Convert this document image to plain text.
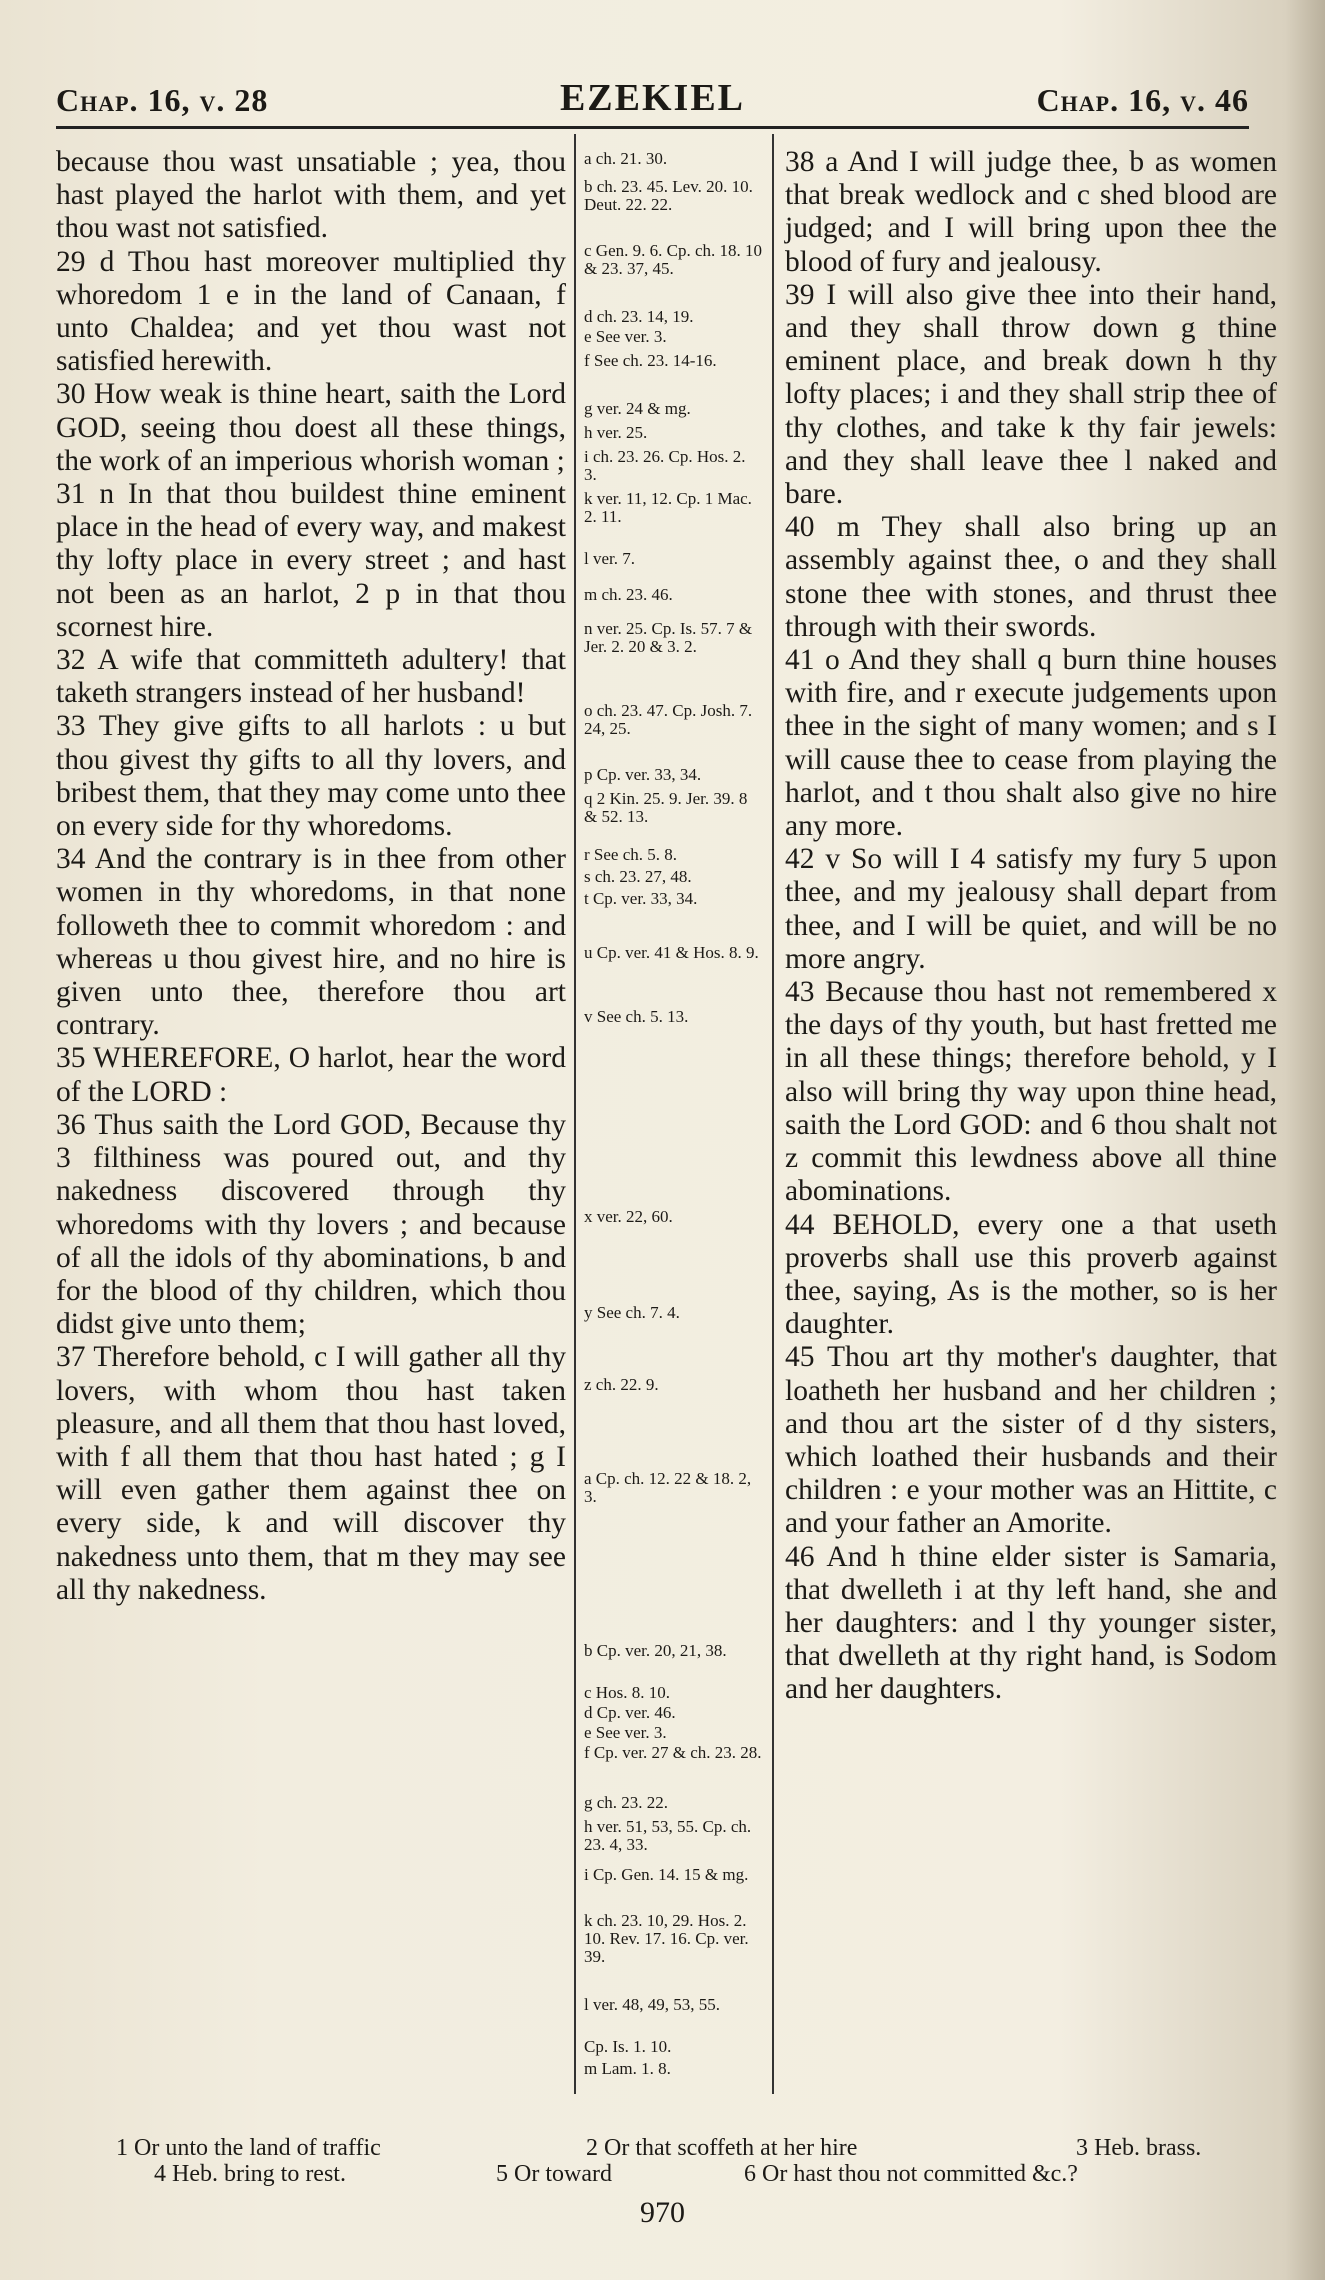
Chap. 16, v. 28	EZEKIEL	Chap. 16, v. 46

because thou wast unsatiable ; yea, thou hast played the harlot with them, and yet thou wast not satisfied.

29 d Thou hast moreover multiplied thy whoredom 1 e in the land of Canaan, f unto Chaldea; and yet thou wast not satisfied herewith.

30 How weak is thine heart, saith the Lord GOD, seeing thou doest all these things, the work of an imperious whorish woman ;

31 n In that thou buildest thine eminent place in the head of every way, and makest thy lofty place in every street ; and hast not been as an harlot, 2 p in that thou scornest hire.

32 A wife that committeth adultery! that taketh strangers instead of her husband!

33 They give gifts to all harlots : u but thou givest thy gifts to all thy lovers, and bribest them, that they may come unto thee on every side for thy whoredoms.

34 And the contrary is in thee from other women in thy whoredoms, in that none followeth thee to commit whoredom : and whereas u thou givest hire, and no hire is given unto thee, therefore thou art contrary.

35 WHEREFORE, O harlot, hear the word of the LORD :

36 Thus saith the Lord GOD, Because thy 3 filthiness was poured out, and thy nakedness discovered through thy whoredoms with thy lovers ; and because of all the idols of thy abominations, b and for the blood of thy children, which thou didst give unto them;

37 Therefore behold, c I will gather all thy lovers, with whom thou hast taken pleasure, and all them that thou hast loved, with f all them that thou hast hated ; g I will even gather them against thee on every side, k and will discover thy nakedness unto them, that m they may see all thy nakedness.

a ch. 21. 30.
b ch. 23. 45. Lev. 20. 10. Deut. 22. 22.
c Gen. 9. 6. Cp. ch. 18. 10 & 23. 37, 45.
d ch. 23. 14, 19.
e See ver. 3.
f See ch. 23. 14-16.
g ver. 24 & mg.
h ver. 25.
i ch. 23. 26. Cp. Hos. 2. 3.
k ver. 11, 12. Cp. 1 Mac. 2. 11.
l ver. 7.
m ch. 23. 46.
n ver. 25. Cp. Is. 57. 7 & Jer. 2. 20 & 3. 2.
o ch. 23. 47. Cp. Josh. 7. 24, 25.
p Cp. ver. 33, 34.
q 2 Kin. 25. 9. Jer. 39. 8 & 52. 13.
r See ch. 5. 8.
s ch. 23. 27, 48.
t Cp. ver. 33, 34.
u Cp. ver. 41 & Hos. 8. 9.
v See ch. 5. 13.
x ver. 22, 60.
y See ch. 7. 4.
z ch. 22. 9.
a Cp. ch. 12. 22 & 18. 2, 3.
b Cp. ver. 20, 21, 38.
c Hos. 8. 10.
d Cp. ver. 46.
e See ver. 3.
f Cp. ver. 27 & ch. 23. 28.
g ch. 23. 22.
h ver. 51, 53, 55. Cp. ch. 23. 4, 33.
i Cp. Gen. 14. 15 & mg.
k ch. 23. 10, 29. Hos. 2. 10. Rev. 17. 16. Cp. ver. 39.
l ver. 48, 49, 53, 55.
Cp. Is. 1. 10.
m Lam. 1. 8.

38 a And I will judge thee, b as women that break wedlock and c shed blood are judged; and I will bring upon thee the blood of fury and jealousy.

39 I will also give thee into their hand, and they shall throw down g thine eminent place, and break down h thy lofty places; i and they shall strip thee of thy clothes, and take k thy fair jewels: and they shall leave thee l naked and bare.

40 m They shall also bring up an assembly against thee, o and they shall stone thee with stones, and thrust thee through with their swords.

41 o And they shall q burn thine houses with fire, and r execute judgements upon thee in the sight of many women; and s I will cause thee to cease from playing the harlot, and t thou shalt also give no hire any more.

42 v So will I 4 satisfy my fury 5 upon thee, and my jealousy shall depart from thee, and I will be quiet, and will be no more angry.

43 Because thou hast not remembered x the days of thy youth, but hast fretted me in all these things; therefore behold, y I also will bring thy way upon thine head, saith the Lord GOD: and 6 thou shalt not z commit this lewdness above all thine abominations.

44 BEHOLD, every one a that useth proverbs shall use this proverb against thee, saying, As is the mother, so is her daughter.

45 Thou art thy mother's daughter, that loatheth her husband and her children ; and thou art the sister of d thy sisters, which loathed their husbands and their children : e your mother was an Hittite, c and your father an Amorite.

46 And h thine elder sister is Samaria, that dwelleth i at thy left hand, she and her daughters: and l thy younger sister, that dwelleth at thy right hand, is Sodom and her daughters.

1 Or unto the land of traffic	2 Or that scoffeth at her hire	3 Heb. brass.
4 Heb. bring to rest.	5 Or toward	6 Or hast thou not committed &c.?
970
